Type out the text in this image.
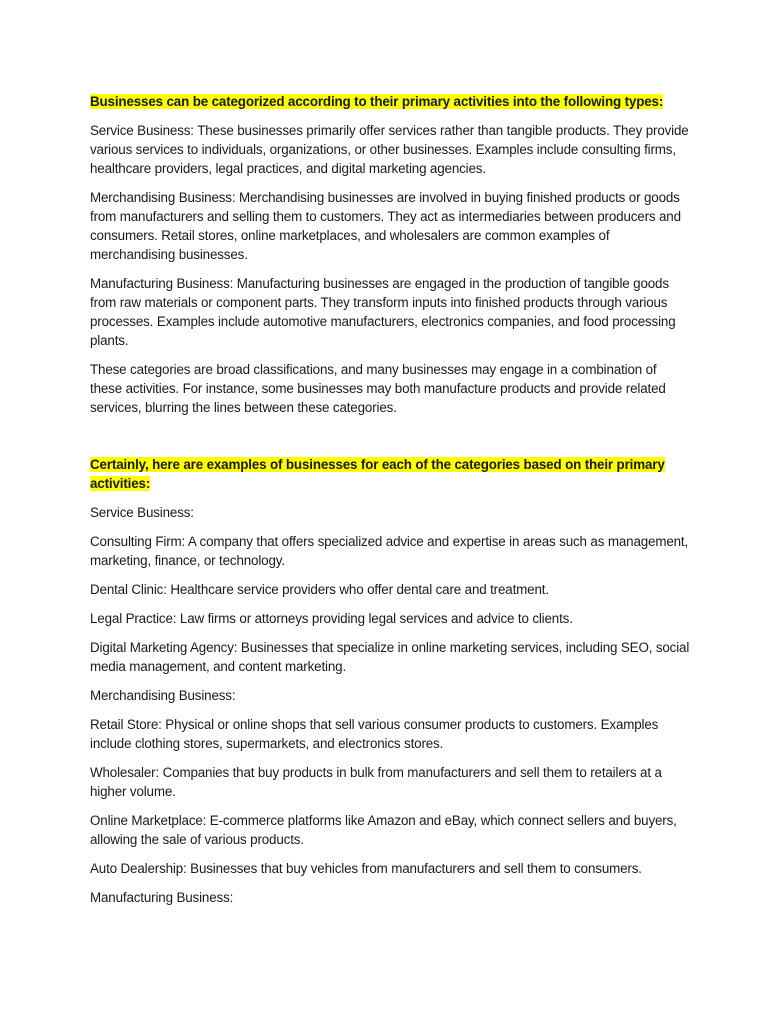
Businesses can be categorized according to their primary activities into the following types:

Service Business: These businesses primarily offer services rather than tangible products. They provide various services to individuals, organizations, or other businesses. Examples include consulting firms, healthcare providers, legal practices, and digital marketing agencies.

Merchandising Business: Merchandising businesses are involved in buying finished products or goods from manufacturers and selling them to customers. They act as intermediaries between producers and consumers. Retail stores, online marketplaces, and wholesalers are common examples of merchandising businesses.

Manufacturing Business: Manufacturing businesses are engaged in the production of tangible goods from raw materials or component parts. They transform inputs into finished products through various processes. Examples include automotive manufacturers, electronics companies, and food processing plants.

These categories are broad classifications, and many businesses may engage in a combination of these activities. For instance, some businesses may both manufacture products and provide related services, blurring the lines between these categories.

Certainly, here are examples of businesses for each of the categories based on their primary activities:

Service Business:

Consulting Firm: A company that offers specialized advice and expertise in areas such as management, marketing, finance, or technology.

Dental Clinic: Healthcare service providers who offer dental care and treatment.

Legal Practice: Law firms or attorneys providing legal services and advice to clients.

Digital Marketing Agency: Businesses that specialize in online marketing services, including SEO, social media management, and content marketing.

Merchandising Business:

Retail Store: Physical or online shops that sell various consumer products to customers. Examples include clothing stores, supermarkets, and electronics stores.

Wholesaler: Companies that buy products in bulk from manufacturers and sell them to retailers at a higher volume.

Online Marketplace: E-commerce platforms like Amazon and eBay, which connect sellers and buyers, allowing the sale of various products.

Auto Dealership: Businesses that buy vehicles from manufacturers and sell them to consumers.

Manufacturing Business:
